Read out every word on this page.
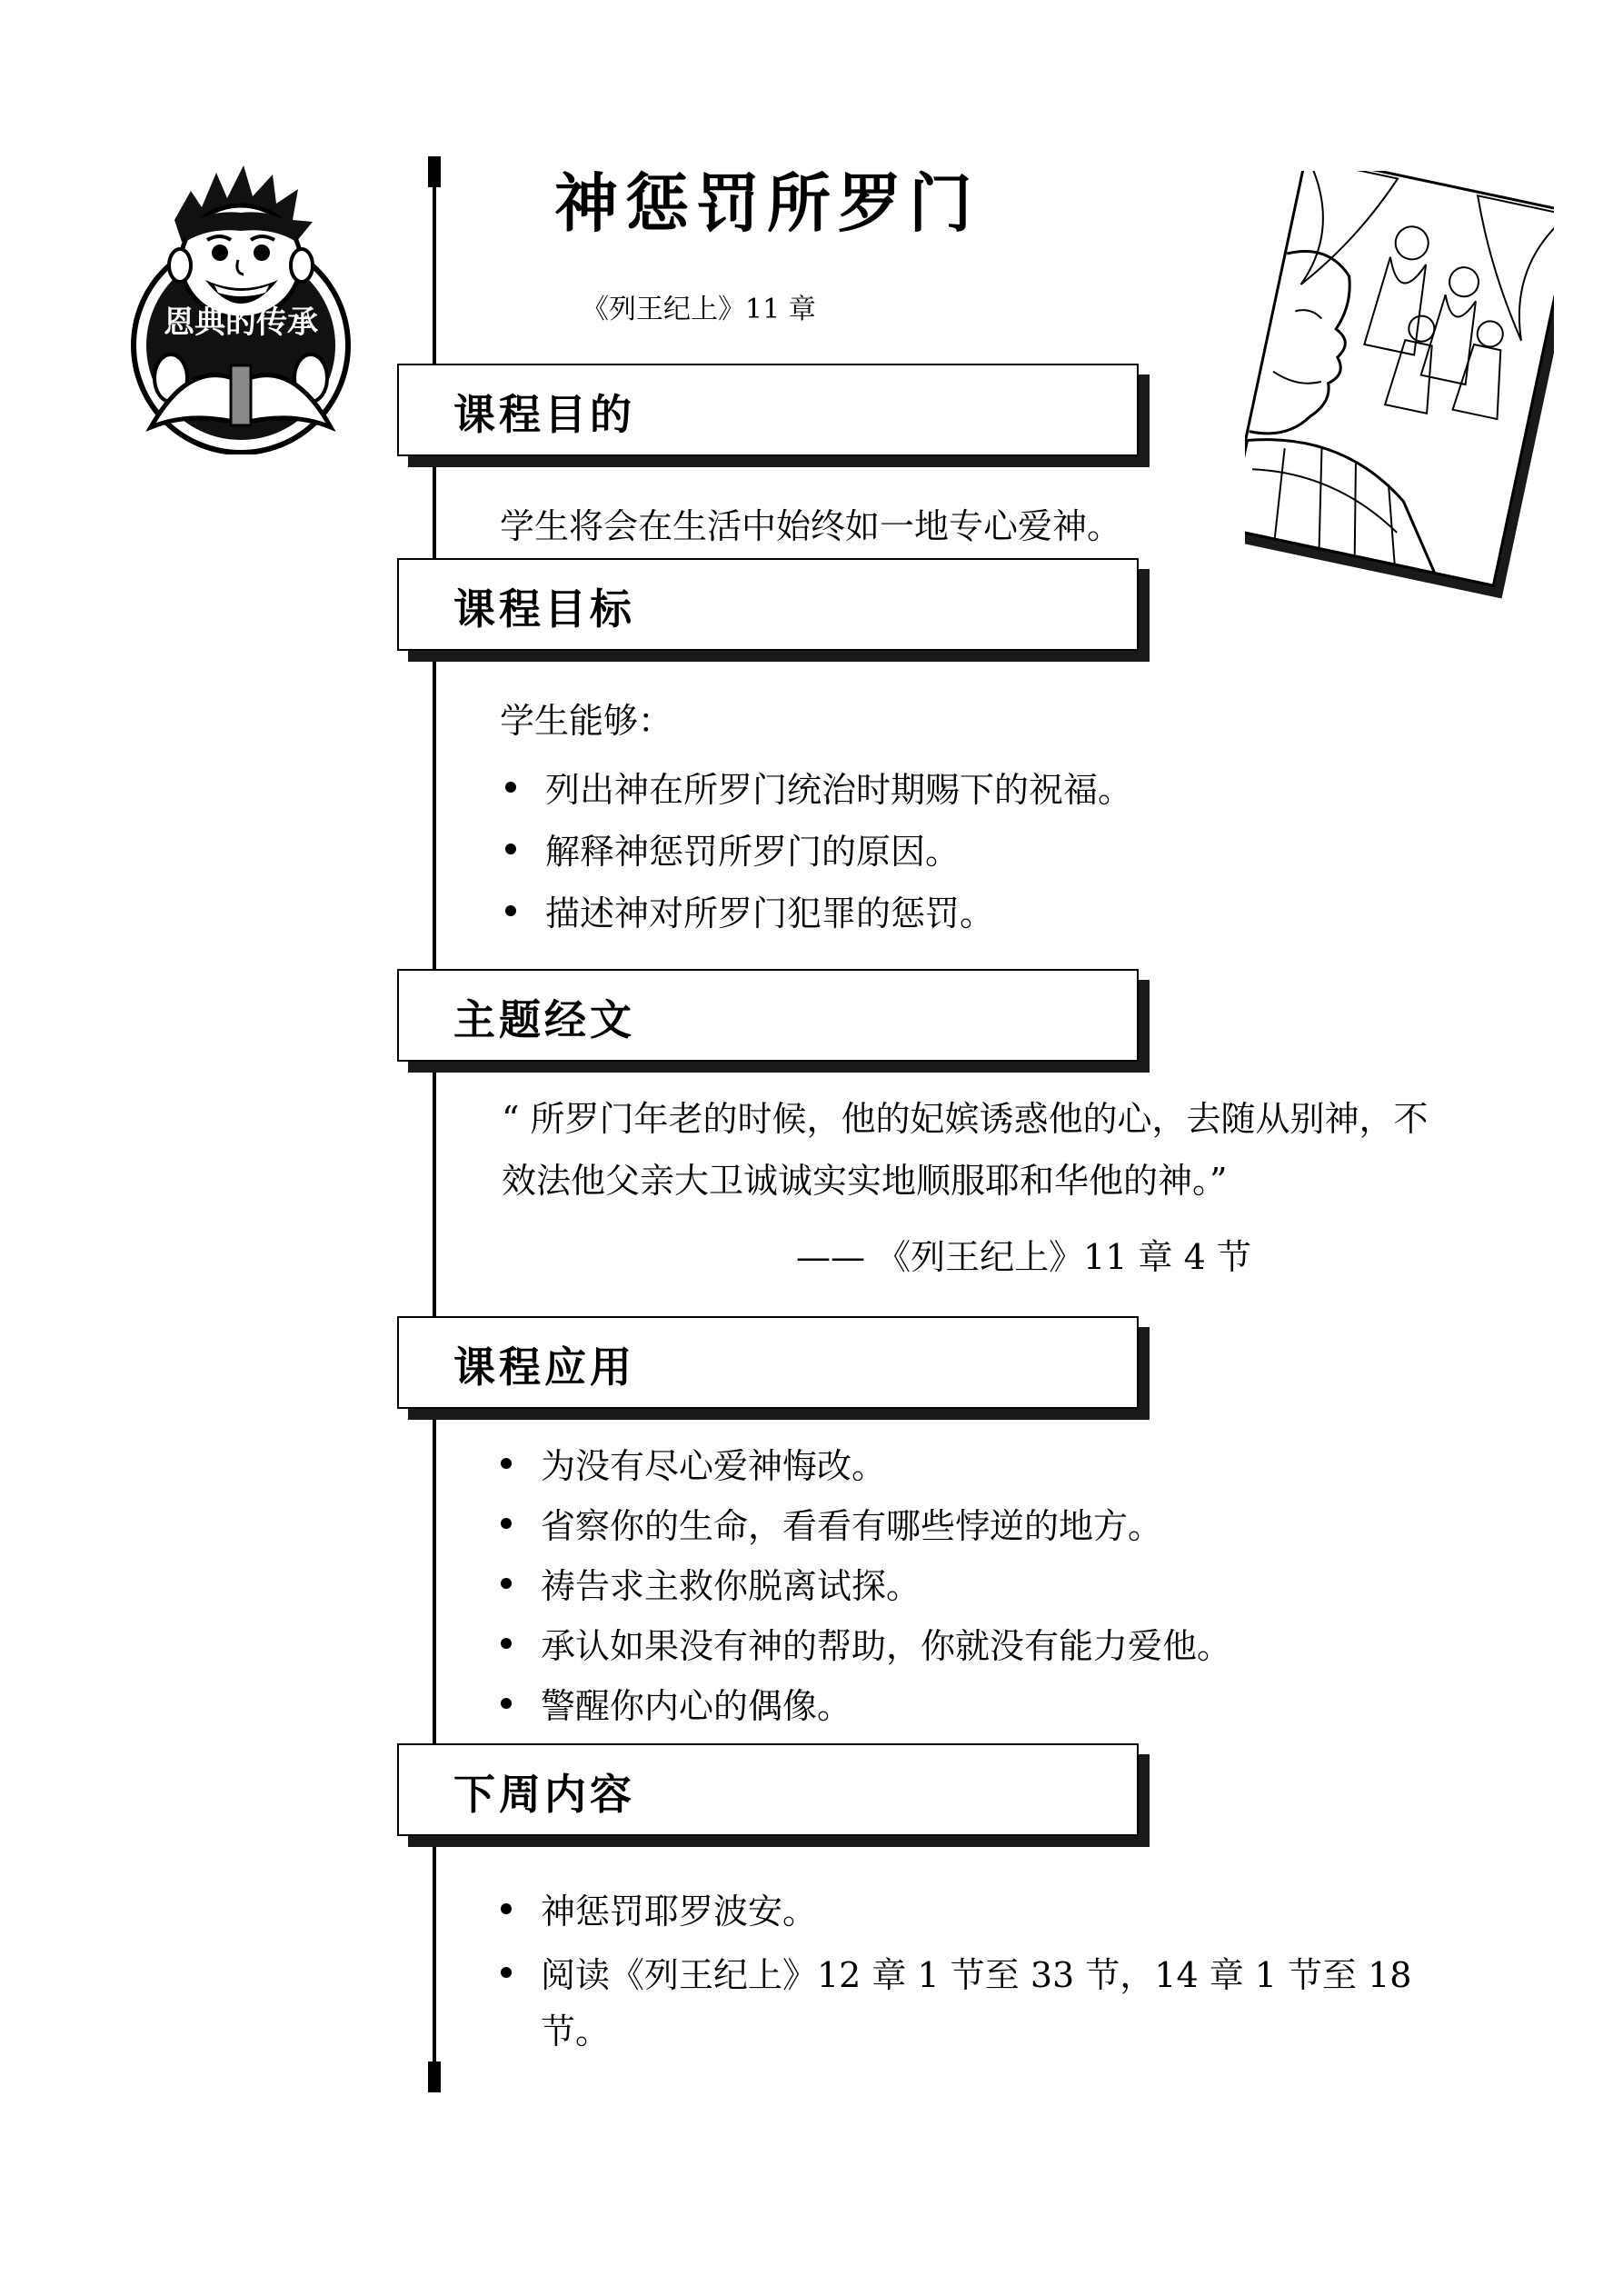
恩典的传承
神惩罚所罗门
《列王纪上》11 章
课程目的
学生将会在生活中始终如一地专心爱神。
课程目标
学生能够：
列出神在所罗门统治时期赐下的祝福。
解释神惩罚所罗门的原因。
描述神对所罗门犯罪的惩罚。
主题经文
“ 所罗门年老的时候，他的妃嫔诱惑他的心，去随从别神，不
效法他父亲大卫诚诚实实地顺服耶和华他的神。”
—— 《列王纪上》11 章 4 节
课程应用
为没有尽心爱神悔改。
省察你的生命，看看有哪些悖逆的地方。
祷告求主救你脱离试探。
承认如果没有神的帮助，你就没有能力爱他。
警醒你内心的偶像。
下周内容
神惩罚耶罗波安。
阅读《列王纪上》12 章 1 节至 33 节，14 章 1 节至 18
节。
